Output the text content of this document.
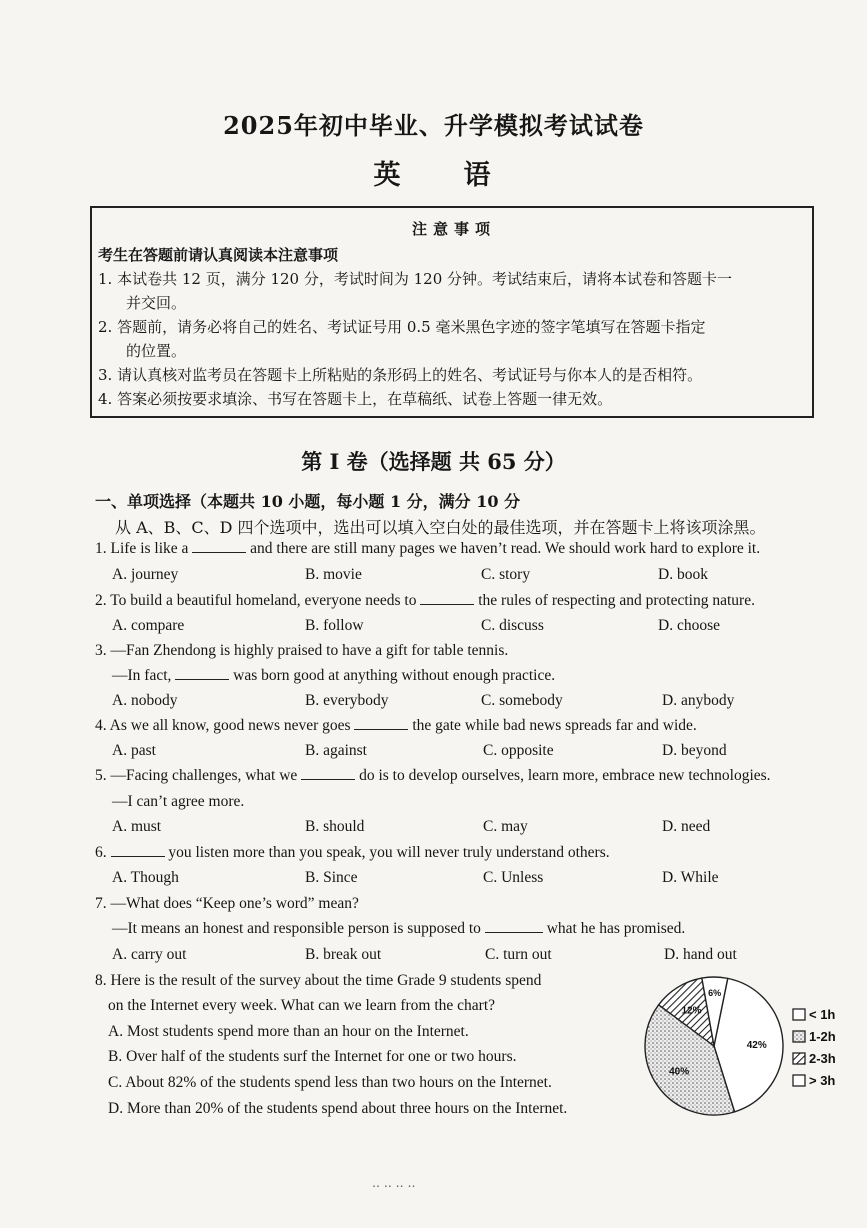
2025年初中毕业、升学模拟考试试卷
英　　语
注意事项
考生在答题前请认真阅读本注意事项
1. 本试卷共 12 页，满分 120 分，考试时间为 120 分钟。考试结束后，请将本试卷和答题卡一
并交回。
2. 答题前，请务必将自己的姓名、考试证号用 0.5 毫米黑色字迹的签字笔填写在答题卡指定
的位置。
3. 请认真核对监考员在答题卡上所粘贴的条形码上的姓名、考试证号与你本人的是否相符。
4. 答案必须按要求填涂、书写在答题卡上，在草稿纸、试卷上答题一律无效。
第 I 卷（选择题 共 65 分）
一、单项选择（本题共 10 小题，每小题 1 分，满分 10 分
从 A、B、C、D 四个选项中，选出可以填入空白处的最佳选项，并在答题卡上将该项涂黑。
1. Life is like a	and there are still many pages we haven’t read. We should work hard to explore it.
A. journey	B. movie	C. story	D. book
2. To build a beautiful homeland, everyone needs to	the rules of respecting and protecting nature.
A. compare	B. follow	C. discuss	D. choose
3. —Fan Zhendong is highly praised to have a gift for table tennis.
—In fact,	was born good at anything without enough practice.
A. nobody	B. everybody	C. somebody	D. anybody
4. As we all know, good news never goes	the gate while bad news spreads far and wide.
A. past	B. against	C. opposite	D. beyond
5. —Facing challenges, what we	do is to develop ourselves, learn more, embrace new technologies.
—I can’t agree more.
A. must	B. should	C. may	D. need
6.	you listen more than you speak, you will never truly understand others.
A. Though	B. Since	C. Unless	D. While
7. —What does “Keep one’s word” mean?
—It means an honest and responsible person is supposed to	what he has promised.
A. carry out	B. break out	C. turn out	D. hand out
8. Here is the result of the survey about the time Grade 9 students spend
on the Internet every week. What can we learn from the chart?
A. Most students spend more than an hour on the Internet.
B. Over half of the students surf the Internet for one or two hours.
C. About 82% of the students spend less than two hours on the Internet.
D. More than 20% of the students spend about three hours on the Internet.
42%
40%
12%
6%
< 1h
1-2h
2-3h
> 3h
‥ ‥ ‥ ‥
